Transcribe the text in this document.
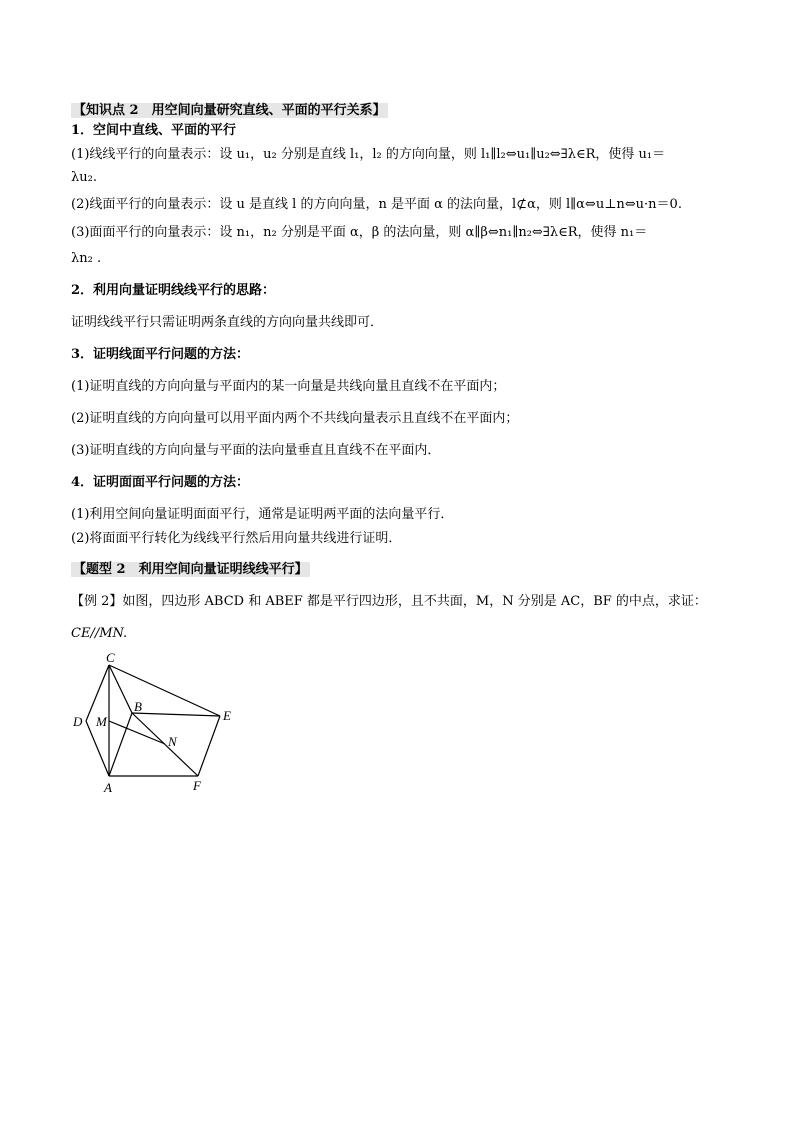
【知识点 2　用空间向量研究直线、平面的平行关系】
1．空间中直线、平面的平行
(1)线线平行的向量表示：设 u₁，u₂ 分别是直线 l₁，l₂ 的方向向量，则 l₁∥l₂⇔u₁∥u₂⇔∃λ∈R，使得 u₁＝
λu₂.
(2)线面平行的向量表示：设 u 是直线 l 的方向向量，n 是平面 α 的法向量，l⊄α，则 l∥α⇔u⊥n⇔u·n＝0.
(3)面面平行的向量表示：设 n₁，n₂ 分别是平面 α，β 的法向量，则 α∥β⇔n₁∥n₂⇔∃λ∈R，使得 n₁＝
λn₂ .
2．利用向量证明线线平行的思路：
证明线线平行只需证明两条直线的方向向量共线即可．
3．证明线面平行问题的方法：
(1)证明直线的方向向量与平面内的某一向量是共线向量且直线不在平面内；
(2)证明直线的方向向量可以用平面内两个不共线向量表示且直线不在平面内；
(3)证明直线的方向向量与平面的法向量垂直且直线不在平面内．
4．证明面面平行问题的方法：
(1)利用空间向量证明面面平行，通常是证明两平面的法向量平行．
(2)将面面平行转化为线线平行然后用向量共线进行证明．
【题型 2　利用空间向量证明线线平行】
【例 2】如图，四边形 ABCD 和 ABEF 都是平行四边形，且不共面，M，N 分别是 AC，BF 的中点，求证：
CE//MN.
C
B
E
D M
N
A	F
